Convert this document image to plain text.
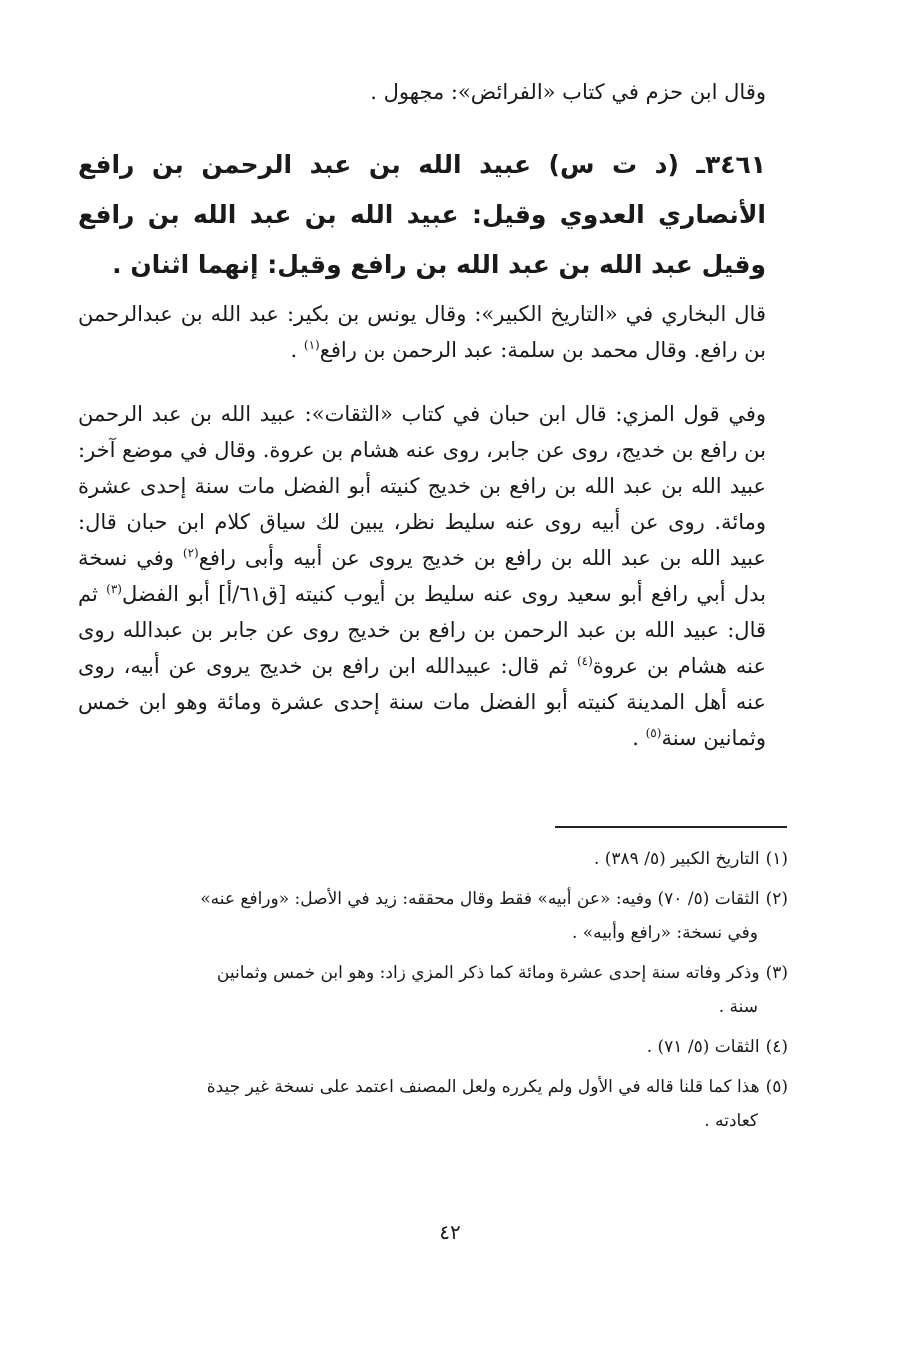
وقال ابن حزم في كتاب «الفرائض»: مجهول .
٣٤٦١ـ (د ت س) عبيد الله بن عبد الرحمن بن رافع الأنصاري العدوي وقيل: عبيد الله بن عبد الله بن رافع وقيل عبد الله بن عبد الله بن رافع وقيل: إنهما اثنان .
قال البخاري في «التاريخ الكبير»: وقال يونس بن بكير: عبد الله بن عبدالرحمن بن رافع. وقال محمد بن سلمة: عبد الرحمن بن رافع$^{(١)}$ .
وفي قول المزي: قال ابن حبان في كتاب «الثقات»: عبيد الله بن عبد الرحمن بن رافع بن خديج، روى عن جابر، روى عنه هشام بن عروة. وقال في موضع آخر: عبيد الله بن عبد الله بن رافع بن خديج كنيته أبو الفضل مات سنة إحدى عشرة ومائة. روى عن أبيه روى عنه سليط نظر، يبين لك سياق كلام ابن حبان قال: عبيد الله بن عبد الله بن رافع بن خديج يروى عن أبيه وأبى رافع$^{(٢)}$ وفي نسخة بدل أبي رافع أبو سعيد روى عنه سليط بن أيوب كنيته [ق٦١/أ] أبو الفضل$^{(٣)}$ ثم قال: عبيد الله بن عبد الرحمن بن رافع بن خديج روى عن جابر بن عبدالله روى عنه هشام بن عروة$^{(٤)}$ ثم قال: عبيدالله ابن رافع بن خديج يروى عن أبيه، روى عنه أهل المدينة كنيته أبو الفضل مات سنة إحدى عشرة ومائة وهو ابن خمس وثمانين سنة$^{(٥)}$ .
(١)التاريخ الكبير (٥/ ٣٨٩) .
(٢)الثقات (٥/ ٧٠) وفيه: «عن أبيه» فقط وقال محققه: زيد في الأصل: «ورافع عنه»
وفي نسخة: «رافع وأبيه» .
(٣)وذكر وفاته سنة إحدى عشرة ومائة كما ذكر المزي زاد: وهو ابن خمس وثمانين
سنة .
(٤)الثقات (٥/ ٧١) .
(٥)هذا كما قلنا قاله في الأول ولم يكرره ولعل المصنف اعتمد على نسخة غير جيدة
كعادته .
٤٢
